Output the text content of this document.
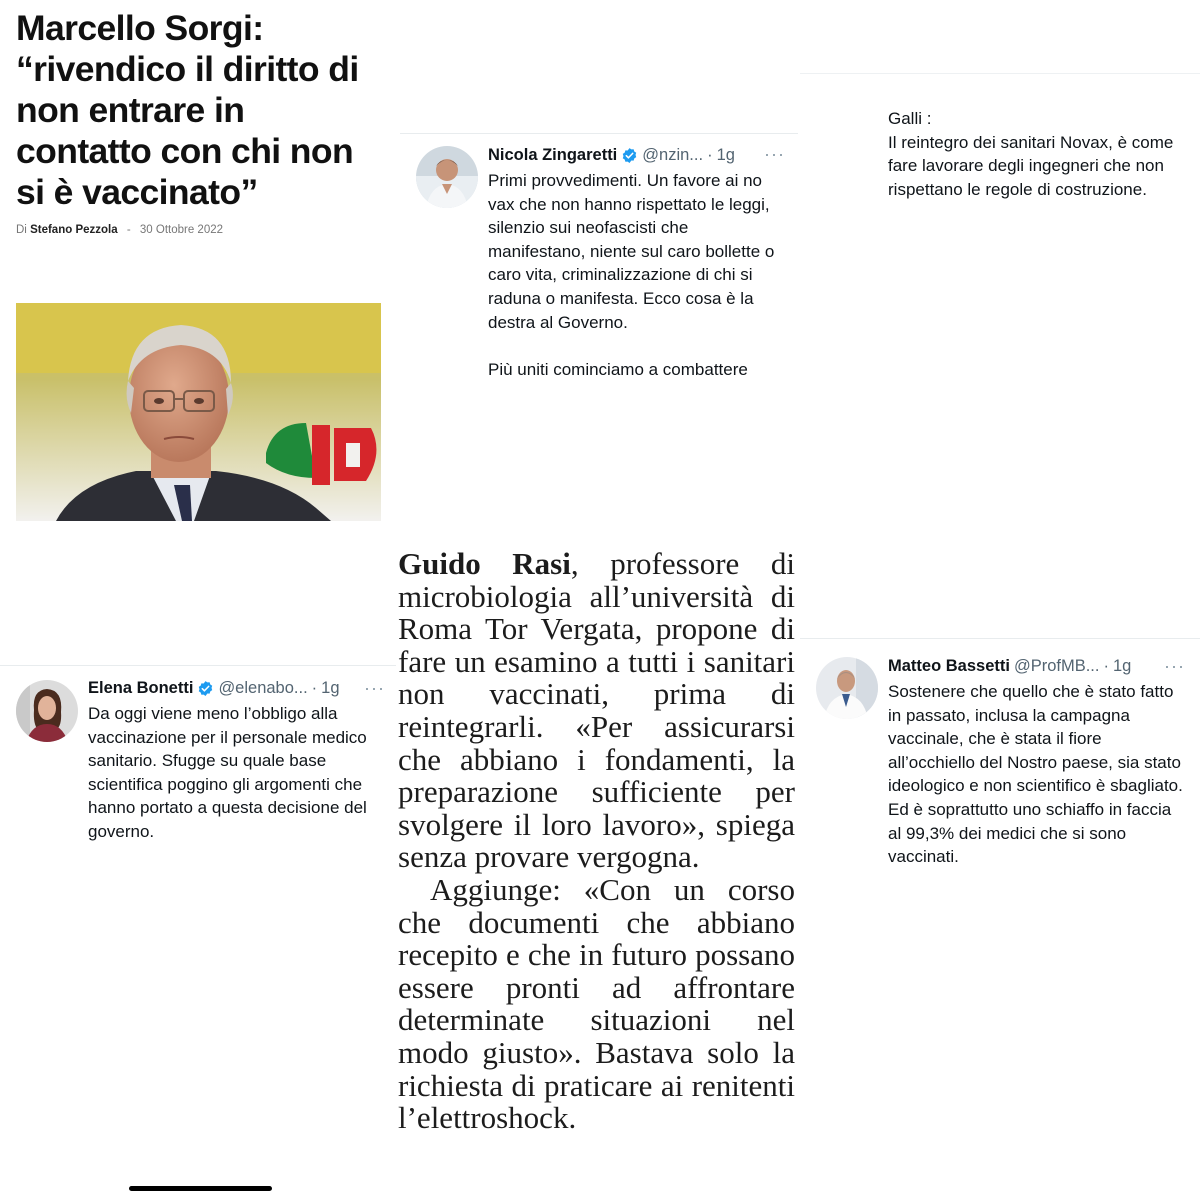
Marcello Sorgi: “rivendico il diritto di non entrare in contatto con chi non si è vaccinato”
Di Stefano Pezzola - 30 Ottobre 2022
Nicola Zingaretti @nzin... · 1g ···
Primi provvedimenti. Un favore ai no vax che non hanno rispettato le leggi, silenzio sui neofascisti che manifestano, niente sul caro bollette o caro vita, criminalizzazione di chi si raduna o manifesta. Ecco cosa è la destra al Governo.

Più uniti cominciamo a combattere
Galli :
Il reintegro dei sanitari Novax, è come fare lavorare degli ingegneri che non rispettano le regole di costruzione.
Elena Bonetti @elenabo... · 1g ···
Da oggi viene meno l’obbligo alla vaccinazione per il personale medico sanitario. Sfugge su quale base scientifica poggino gli argomenti che hanno portato a questa decisione del governo.

Guido Rasi, professore di microbiologia all’università di Roma Tor Vergata, propone di fare un esamino a tutti i sanitari non vaccinati, prima di reintegrarli. «Per assicurarsi che abbiano i fondamenti, la preparazione sufficiente per svolgere il loro lavoro», spiega senza provare vergogna.

Aggiunge: «Con un corso che documenti che abbiano recepito e che in futuro possano essere pronti ad affrontare determinate situazioni nel modo giusto». Bastava solo la richiesta di praticare ai renitenti l’elettroshock.

Matteo Bassetti @ProfMB... · 1g ···
Sostenere che quello che è stato fatto in passato, inclusa la campagna vaccinale, che è stata il fiore all’occhiello del Nostro paese, sia stato ideologico e non scientifico è sbagliato. Ed è soprattutto uno schiaffo in faccia al 99,3% dei medici che si sono vaccinati.
